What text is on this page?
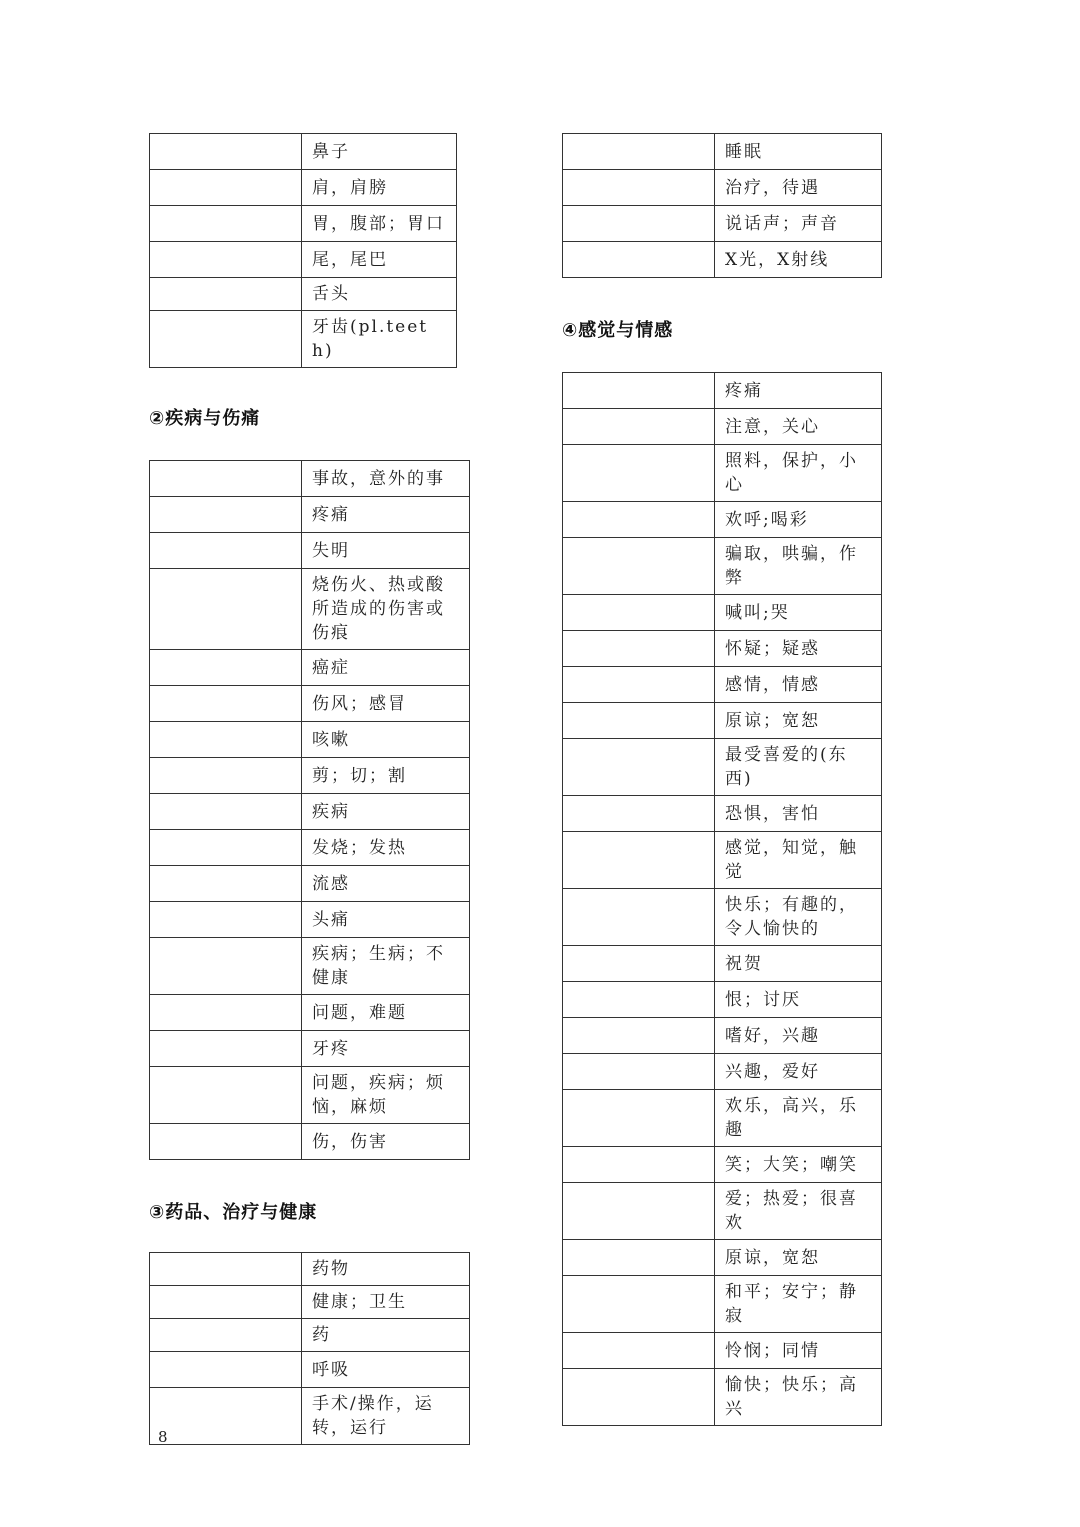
	鼻子
	肩，肩膀
	胃，腹部；胃口
	尾，尾巴
	舌头
	牙齿(pl.teeth)
②疾病与伤痛
	事故，意外的事
	疼痛
	失明
	烧伤火、热或酸所造成的伤害或伤痕
	癌症
	伤风；感冒
	咳嗽
	剪；切；割
	疾病
	发烧；发热
	流感
	头痛
	疾病；生病；不健康
	问题，难题
	牙疼
	问题，疾病；烦恼，麻烦
	伤，伤害
③药品、治疗与健康
	药物
	健康；卫生
	药
	呼吸
	手术/操作，运转，运行
	睡眠
	治疗，待遇
	说话声；声音
	X光，X射线
④感觉与情感
	疼痛
	注意，关心
	照料，保护，小心
	欢呼;喝彩
	骗取，哄骗，作弊
	喊叫;哭
	怀疑；疑惑
	感情，情感
	原谅；宽恕
	最受喜爱的(东西)
	恐惧，害怕
	感觉，知觉，触觉
	快乐；有趣的，令人愉快的
	祝贺
	恨；讨厌
	嗜好，兴趣
	兴趣，爱好
	欢乐，高兴，乐趣
	笑；大笑；嘲笑
	爱；热爱；很喜欢
	原谅，宽恕
	和平；安宁；静寂
	怜悯；同情
	愉快；快乐；高兴
8
